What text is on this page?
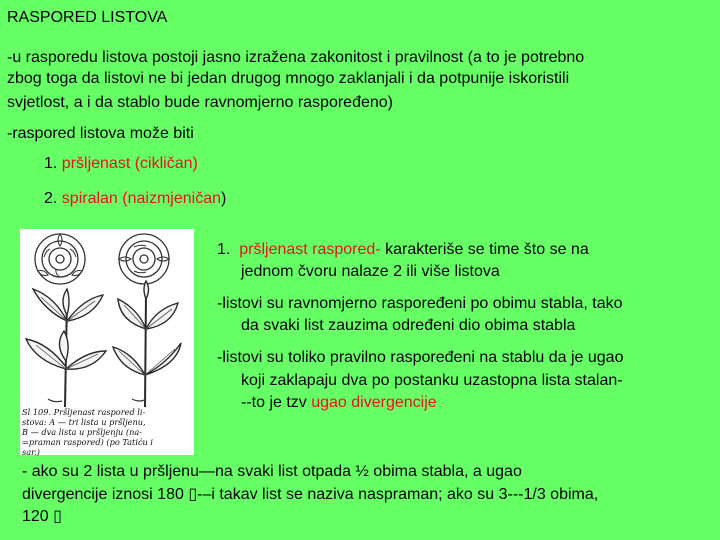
RASPORED LISTOVA

-u rasporedu listova postoji jasno izražena zakonitost i pravilnost (a to je potrebno

zbog toga da listovi ne bi jedan drugog mnogo zaklanjali i da potpunije iskoristili

svjetlost, a i da stablo bude ravnomjerno raspoređeno)

-raspored listova može biti

1. pršljenast (cikličan)

2. spiralan (naizmjeničan)

Sl 109. Pršljenast raspored li-
stova: A — tri lista u pršljenu,
B — dva lista u pršljenju (na-
=praman raspored) (po Tatiću i
sar.)

1. pršljenast raspored- karakteriše se time što se na

jednom čvoru nalaze 2 ili više listova

-listovi su ravnomjerno raspoređeni po obimu stabla, tako

da svaki list zauzima određeni dio obima stabla

-listovi su toliko pravilno raspoređeni na stablu da je ugao

koji zaklapaju dva po postanku uzastopna lista stalan-

--to je tzv ugao divergencije

- ako su 2 lista u pršljenu—na svaki list otpada ½ obima stabla, a ugao

divergencije iznosi 180 ▯-–i takav list se naziva naspraman; ako su 3---1/3 obima,

120 ▯
